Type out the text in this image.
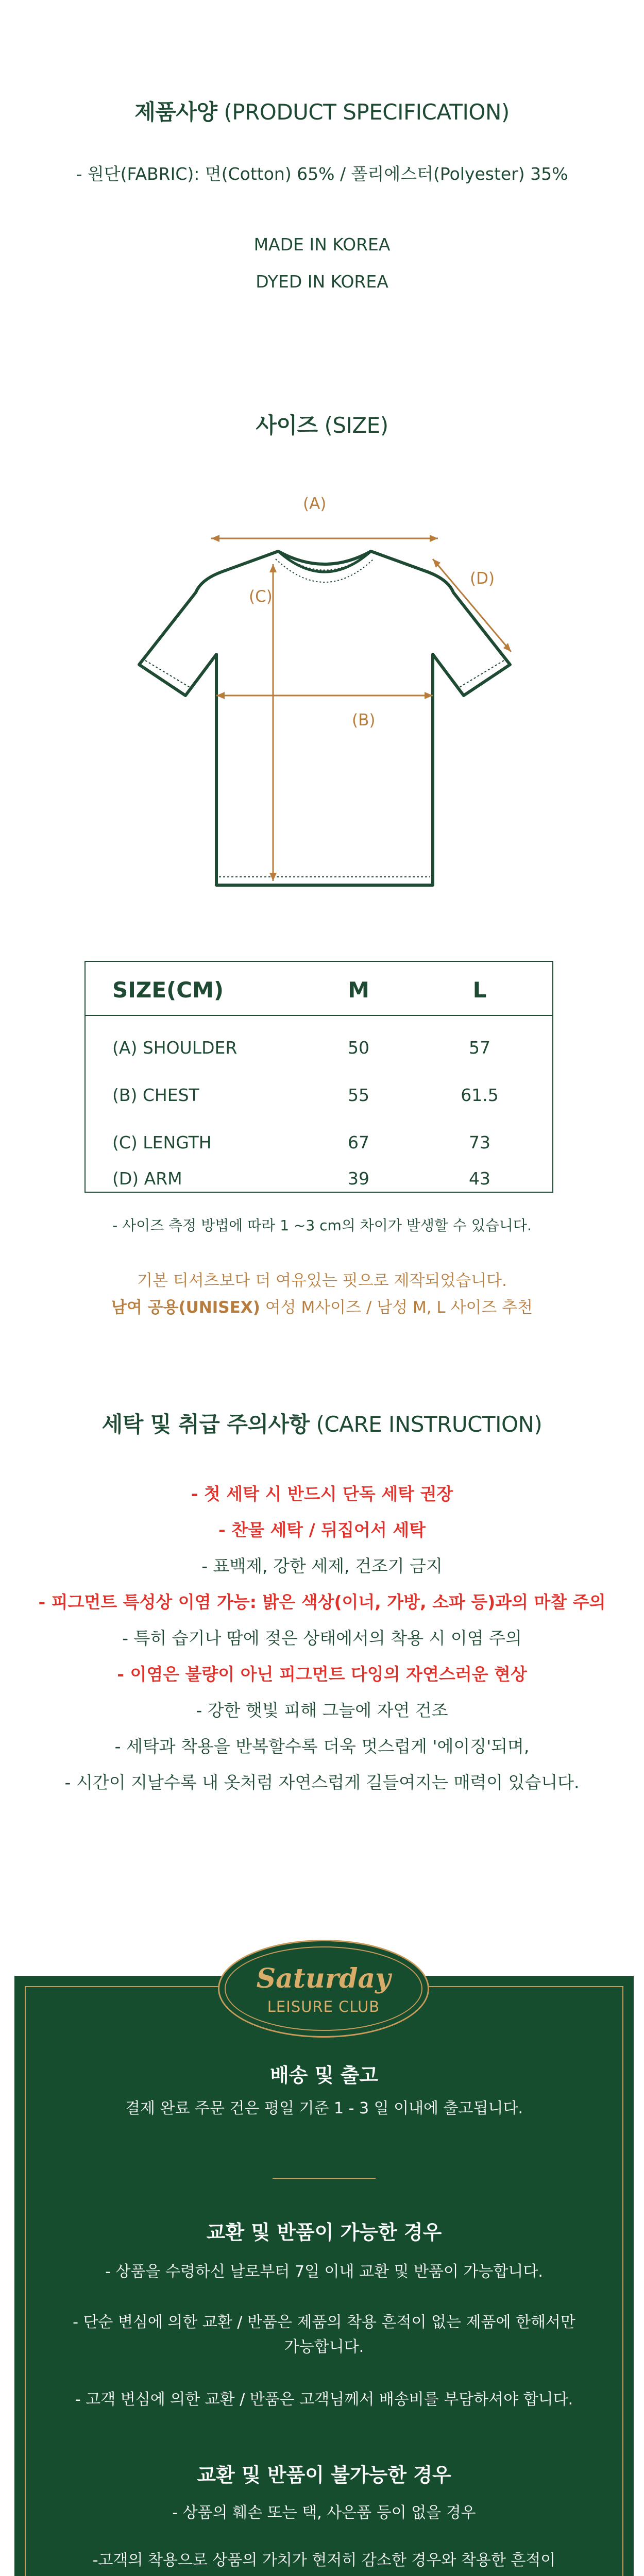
제품사양 (PRODUCT SPECIFICATION)
- 원단(FABRIC): 면(Cotton) 65% / 폴리에스터(Polyester) 35%
MADE IN KOREA
DYED IN KOREA
사이즈 (SIZE)
(A)
(D)
(C)
(B)
SIZE(CM)	M	L
(A) SHOULDER	50	57
(B) CHEST	55	61.5
(C) LENGTH	67	73
(D) ARM	39	43
- 사이즈 측정 방법에 따라 1 ~3 cm의 차이가 발생할 수 있습니다.
기본 티셔츠보다 더 여유있는 핏으로 제작되었습니다.
남여 공용(UNISEX) 여성 M사이즈 / 남성 M, L 사이즈 추천
세탁 및 취급 주의사항 (CARE INSTRUCTION)
- 첫 세탁 시 반드시 단독 세탁 권장
- 찬물 세탁 / 뒤집어서 세탁
- 표백제, 강한 세제, 건조기 금지
- 피그먼트 특성상 이염 가능: 밝은 색상(이너, 가방, 소파 등)과의 마찰 주의
- 특히 습기나 땀에 젖은 상태에서의 착용 시 이염 주의
- 이염은 불량이 아닌 피그먼트 다잉의 자연스러운 현상
- 강한 햇빛 피해 그늘에 자연 건조
- 세탁과 착용을 반복할수록 더욱 멋스럽게 '에이징'되며,
- 시간이 지날수록 내 옷처럼 자연스럽게 길들여지는 매력이 있습니다.
Saturday
LEISURE CLUB
배송 및 출고
결제 완료 주문 건은 평일 기준 1 - 3 일 이내에 출고됩니다.
교환 및 반품이 가능한 경우
- 상품을 수령하신 날로부터 7일 이내 교환 및 반품이 가능합니다.
- 단순 변심에 의한 교환 / 반품은 제품의 착용 흔적이 없는 제품에 한해서만
가능합니다.
- 고객 변심에 의한 교환 / 반품은 고객님께서 배송비를 부담하셔야 합니다.
교환 및 반품이 불가능한 경우
- 상품의 훼손 또는 택, 사은품 등이 없을 경우
-고객의 착용으로 상품의 가치가 현저히 감소한 경우와 착용한 흔적이
